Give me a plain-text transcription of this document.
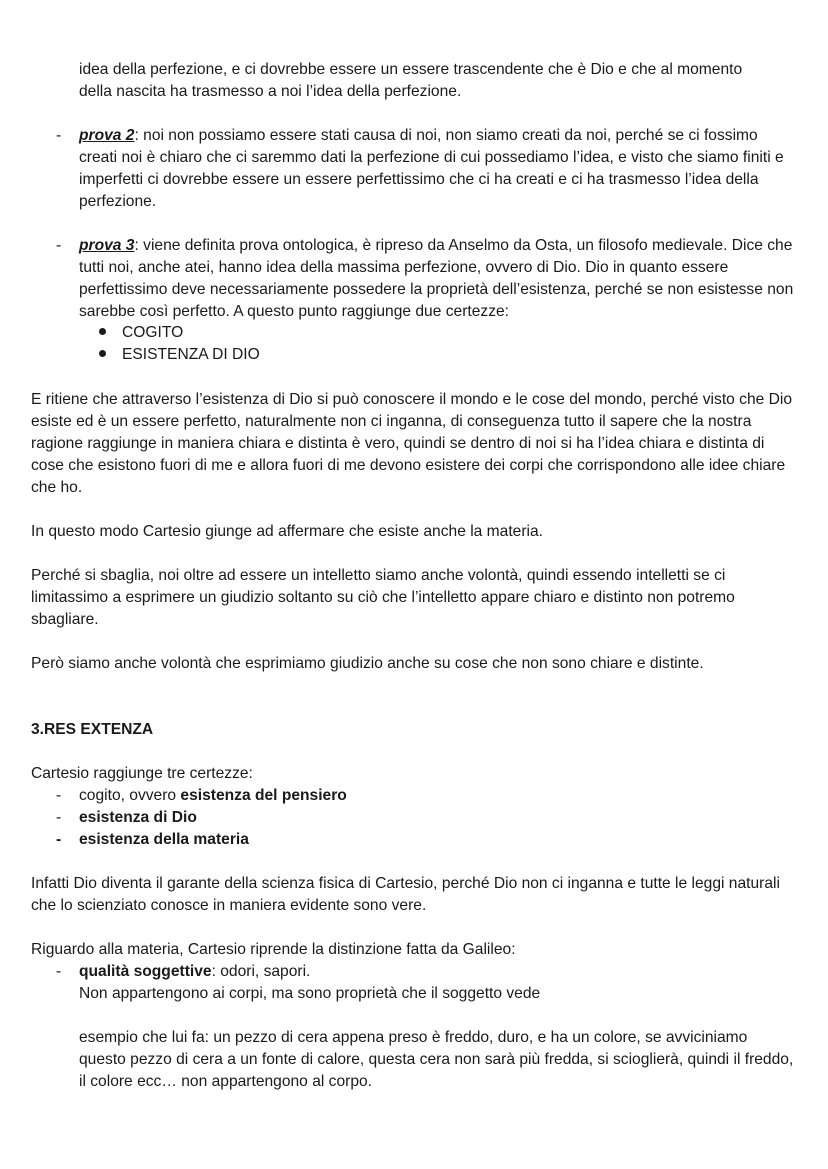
idea della perfezione, e ci dovrebbe essere un essere trascendente che è Dio e che al momento

della nascita ha trasmesso a noi l’idea della perfezione.

- prova 2: noi non possiamo essere stati causa di noi, non siamo creati da noi, perché se ci fossimo creati noi è chiaro che ci saremmo dati la perfezione di cui possediamo l’idea, e visto che siamo finiti e imperfetti ci dovrebbe essere un essere perfettissimo che ci ha creati e ci ha trasmesso l’idea della perfezione.
- prova 3: viene definita prova ontologica, è ripreso da Anselmo da Osta, un filosofo medievale. Dice che tutti noi, anche atei, hanno idea della massima perfezione, ovvero di Dio. Dio in quanto essere perfettissimo deve necessariamente possedere la proprietà dell’esistenza, perché se non esistesse non sarebbe così perfetto. A questo punto raggiunge due certezze:
COGITO
ESISTENZA DI DIO

E ritiene che attraverso l’esistenza di Dio si può conoscere il mondo e le cose del mondo, perché visto che Dio esiste ed è un essere perfetto, naturalmente non ci inganna, di conseguenza tutto il sapere che la nostra ragione raggiunge in maniera chiara e distinta è vero, quindi se dentro di noi si ha l’idea chiara e distinta di cose che esistono fuori di me e allora fuori di me devono esistere dei corpi che corrispondono alle idee chiare che ho.

In questo modo Cartesio giunge ad affermare che esiste anche la materia.

Perché si sbaglia, noi oltre ad essere un intelletto siamo anche volontà, quindi essendo intelletti se ci limitassimo a esprimere un giudizio soltanto su ciò che l’intelletto appare chiaro e distinto non potremo sbagliare.

Però siamo anche volontà che esprimiamo giudizio anche su cose che non sono chiare e distinte.

3.RES EXTENZA
Cartesio raggiunge tre certezze:
- cogito, ovvero esistenza del pensiero
- esistenza di Dio
- esistenza della materia

Infatti Dio diventa il garante della scienza fisica di Cartesio, perché Dio non ci inganna e tutte le leggi naturali che lo scienziato conosce in maniera evidente sono vere.

Riguardo alla materia, Cartesio riprende la distinzione fatta da Galileo:

- qualità soggettive: odori, sapori.

Non appartengono ai corpi, ma sono proprietà che il soggetto vede

esempio che lui fa: un pezzo di cera appena preso è freddo, duro, e ha un colore, se avviciniamo questo pezzo di cera a un fonte di calore, questa cera non sarà più fredda, si scioglierà, quindi il freddo, il colore ecc… non appartengono al corpo.
